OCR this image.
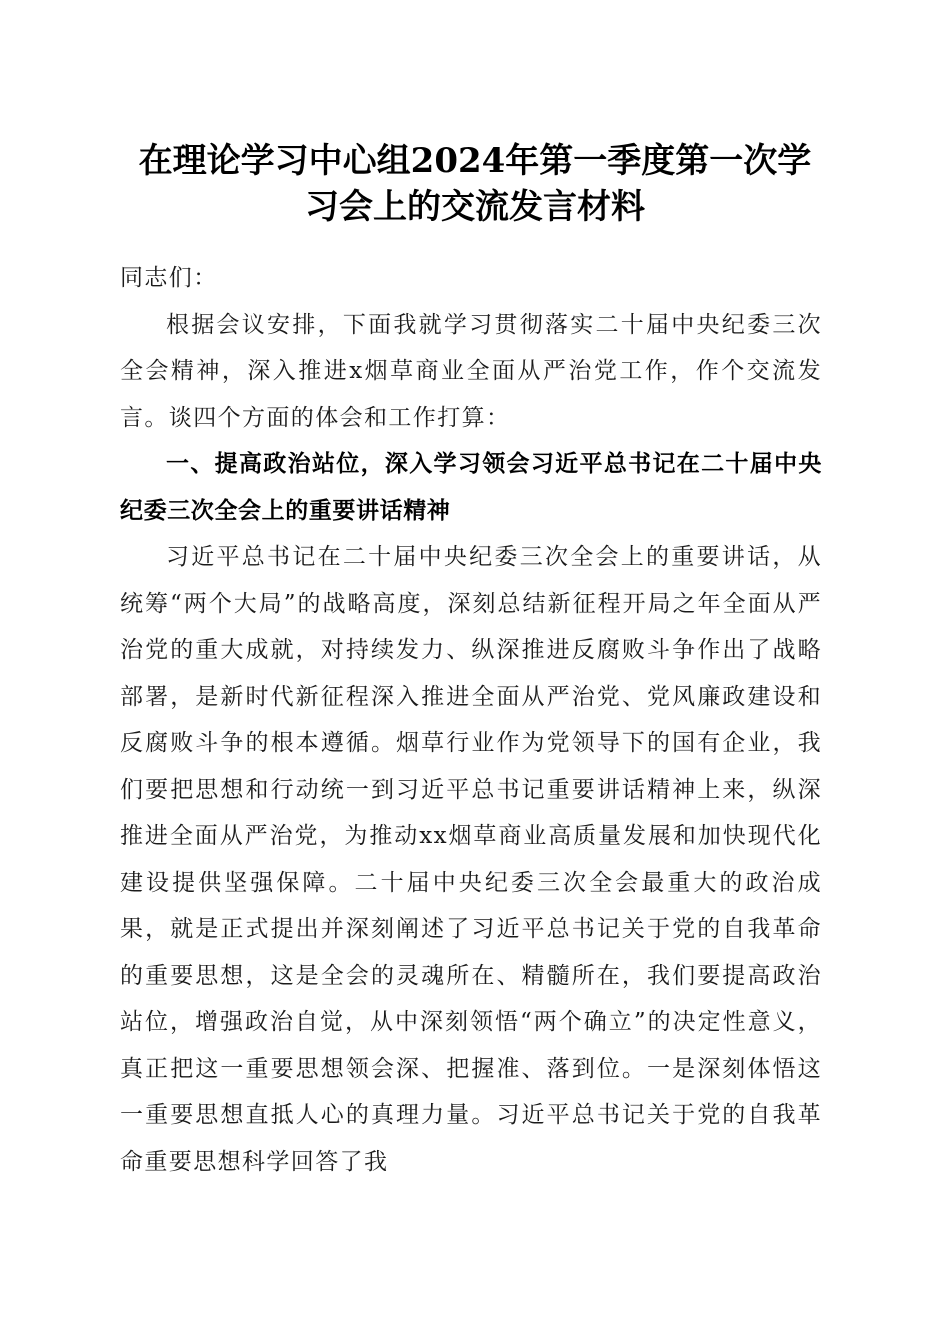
在理论学习中心组2024年第一季度第一次学
习会上的交流发言材料

同志们：

根据会议安排，下面我就学习贯彻落实二十届中央纪委三次全会精神，深入推进x烟草商业全面从严治党工作，作个交流发言。谈四个方面的体会和工作打算：

一、提高政治站位，深入学习领会习近平总书记在二十届中央纪委三次全会上的重要讲话精神

习近平总书记在二十届中央纪委三次全会上的重要讲话，从统筹“两个大局”的战略高度，深刻总结新征程开局之年全面从严治党的重大成就，对持续发力、纵深推进反腐败斗争作出了战略部署，是新时代新征程深入推进全面从严治党、党风廉政建设和反腐败斗争的根本遵循。烟草行业作为党领导下的国有企业，我们要把思想和行动统一到习近平总书记重要讲话精神上来，纵深推进全面从严治党，为推动xx烟草商业高质量发展和加快现代化建设提供坚强保障。二十届中央纪委三次全会最重大的政治成果，就是正式提出并深刻阐述了习近平总书记关于党的自我革命的重要思想，这是全会的灵魂所在、精髓所在，我们要提高政治站位，增强政治自觉，从中深刻领悟“两个确立”的决定性意义，真正把这一重要思想领会深、把握准、落到位。一是深刻体悟这一重要思想直抵人心的真理力量。习近平总书记关于党的自我革命重要思想科学回答了我
